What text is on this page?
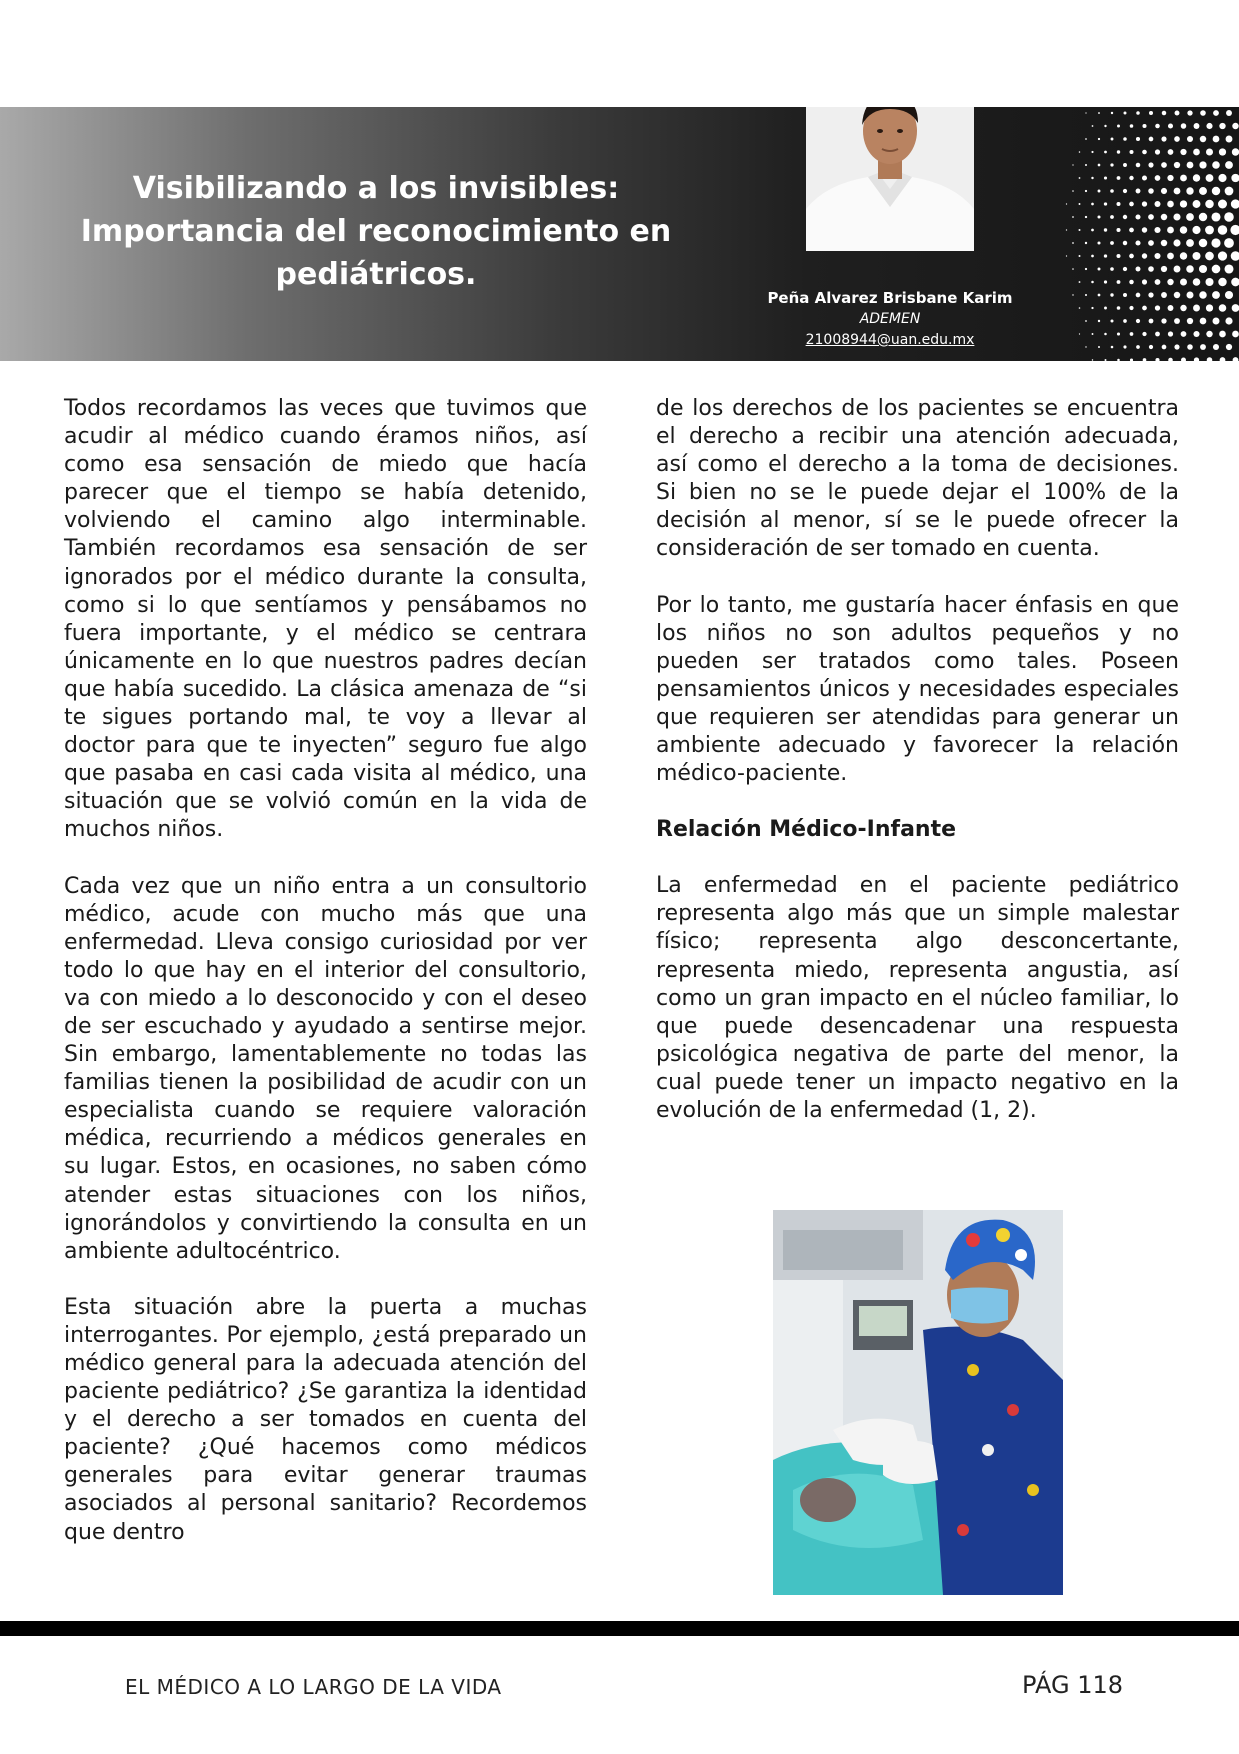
Visibilizando a los invisibles:
Importancia del reconocimiento en
pediátricos.
Peña Alvarez Brisbane Karim
ADEMEN
21008944@uan.edu.mx

Todos recordamos las veces que tuvimos que acudir al médico cuando éramos niños, así como esa sensación de miedo que hacía parecer que el tiempo se había detenido, volviendo el camino algo interminable. También recordamos esa sensación de ser ignorados por el médico durante la consulta, como si lo que sentíamos y pensábamos no fuera importante, y el médico se centrara únicamente en lo que nuestros padres decían que había sucedido. La clásica amenaza de “si te sigues portando mal, te voy a llevar al doctor para que te inyecten” seguro fue algo que pasaba en casi cada visita al médico, una situación que se volvió común en la vida de muchos niños.

Cada vez que un niño entra a un consultorio médico, acude con mucho más que una enfermedad. Lleva consigo curiosidad por ver todo lo que hay en el interior del consultorio, va con miedo a lo desconocido y con el deseo de ser escuchado y ayudado a sentirse mejor. Sin embargo, lamentablemente no todas las familias tienen la posibilidad de acudir con un especialista cuando se requiere valoración médica, recurriendo a médicos generales en su lugar. Estos, en ocasiones, no saben cómo atender estas situaciones con los niños, ignorándolos y convirtiendo la consulta en un ambiente adultocéntrico.

Esta situación abre la puerta a muchas interrogantes. Por ejemplo, ¿está preparado un médico general para la adecuada atención del paciente pediátrico? ¿Se garantiza la identidad y el derecho a ser tomados en cuenta del paciente? ¿Qué hacemos como médicos generales para evitar generar traumas asociados al personal sanitario? Recordemos que dentro

de los derechos de los pacientes se encuentra el derecho a recibir una atención adecuada, así como el derecho a la toma de decisiones. Si bien no se le puede dejar el 100% de la decisión al menor, sí se le puede ofrecer la consideración de ser tomado en cuenta.

Por lo tanto, me gustaría hacer énfasis en que los niños no son adultos pequeños y no pueden ser tratados como tales. Poseen pensamientos únicos y necesidades especiales que requieren ser atendidas para generar un ambiente adecuado y favorecer la relación médico-paciente.

Relación Médico-Infante

La enfermedad en el paciente pediátrico representa algo más que un simple malestar físico; representa algo desconcertante, representa miedo, representa angustia, así como un gran impacto en el núcleo familiar, lo que puede desencadenar una respuesta psicológica negativa de parte del menor, la cual puede tener un impacto negativo en la evolución de la enfermedad (1, 2).

EL MÉDICO A LO LARGO DE LA VIDA	PÁG 118
